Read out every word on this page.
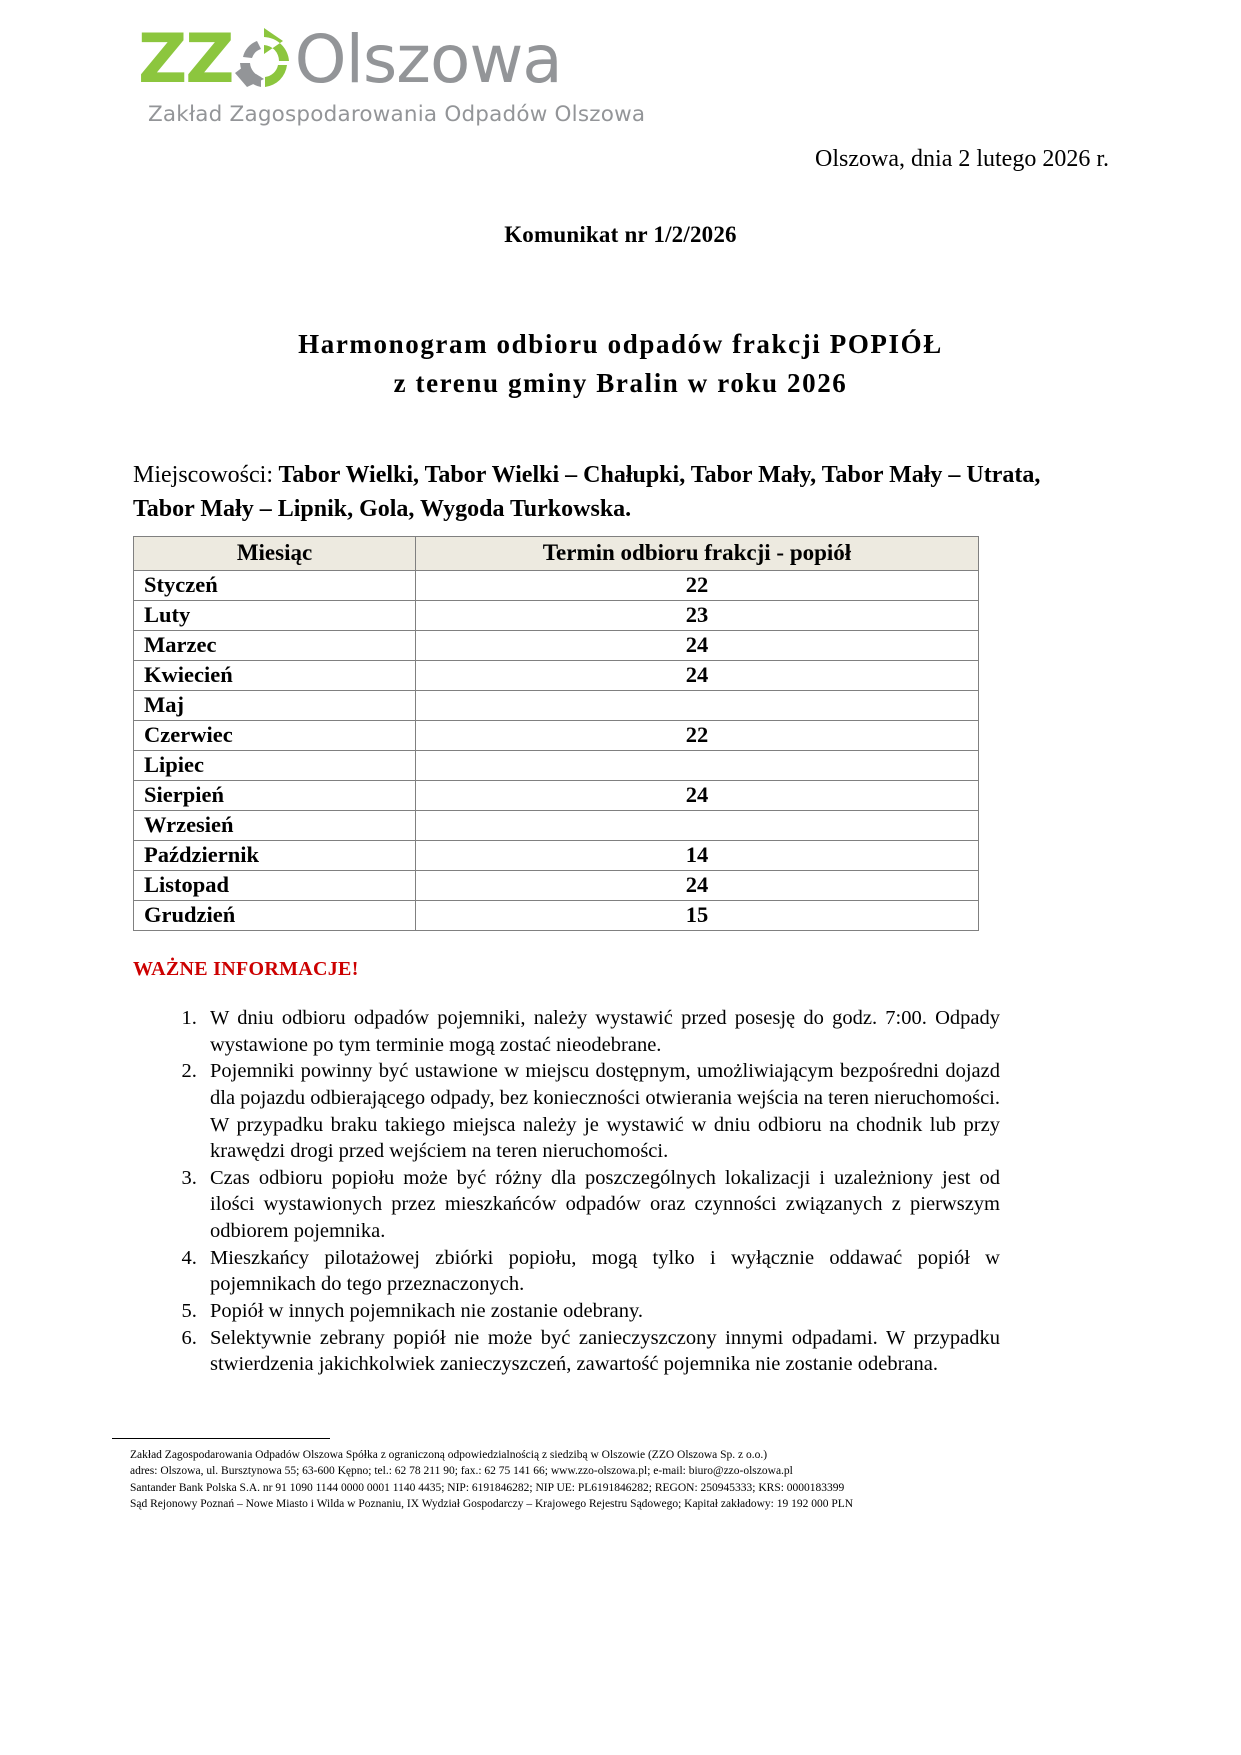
ZZ Olszowa
Zakład Zagospodarowania Odpadów Olszowa
Olszowa, dnia 2 lutego 2026 r.
Komunikat nr 1/2/2026
Harmonogram odbioru odpadów frakcji POPIÓŁ
z terenu gminy Bralin w roku 2026
Miejscowości: Tabor Wielki, Tabor Wielki – Chałupki, Tabor Mały, Tabor Mały – Utrata, Tabor Mały – Lipnik, Gola, Wygoda Turkowska.
Miesiąc	Termin odbioru frakcji - popiół
Styczeń	22
Luty	23
Marzec	24
Kwiecień	24
Maj	
Czerwiec	22
Lipiec	
Sierpień	24
Wrzesień	
Październik	14
Listopad	24
Grudzień	15
WAŻNE INFORMACJE!
1. W dniu odbioru odpadów pojemniki, należy wystawić przed posesję do godz. 7:00. Odpady wystawione po tym terminie mogą zostać nieodebrane.
2. Pojemniki powinny być ustawione w miejscu dostępnym, umożliwiającym bezpośredni dojazd dla pojazdu odbierającego odpady, bez konieczności otwierania wejścia na teren nieruchomości. W przypadku braku takiego miejsca należy je wystawić w dniu odbioru na chodnik lub przy krawędzi drogi przed wejściem na teren nieruchomości.
3. Czas odbioru popiołu może być różny dla poszczególnych lokalizacji i uzależniony jest od ilości wystawionych przez mieszkańców odpadów oraz czynności związanych z pierwszym odbiorem pojemnika.
4. Mieszkańcy pilotażowej zbiórki popiołu, mogą tylko i wyłącznie oddawać popiół w pojemnikach do tego przeznaczonych.
5. Popiół w innych pojemnikach nie zostanie odebrany.
6. Selektywnie zebrany popiół nie może być zanieczyszczony innymi odpadami. W przypadku stwierdzenia jakichkolwiek zanieczyszczeń, zawartość pojemnika nie zostanie odebrana.
Zakład Zagospodarowania Odpadów Olszowa Spółka z ograniczoną odpowiedzialnością z siedzibą w Olszowie (ZZO Olszowa Sp. z o.o.)
adres: Olszowa, ul. Bursztynowa 55; 63-600 Kępno; tel.: 62 78 211 90; fax.: 62 75 141 66; www.zzo-olszowa.pl; e-mail: biuro@zzo-olszowa.pl
Santander Bank Polska S.A. nr 91 1090 1144 0000 0001 1140 4435; NIP: 6191846282; NIP UE: PL6191846282; REGON: 250945333; KRS: 0000183399
Sąd Rejonowy Poznań – Nowe Miasto i Wilda w Poznaniu, IX Wydział Gospodarczy – Krajowego Rejestru Sądowego; Kapitał zakładowy: 19 192 000 PLN
